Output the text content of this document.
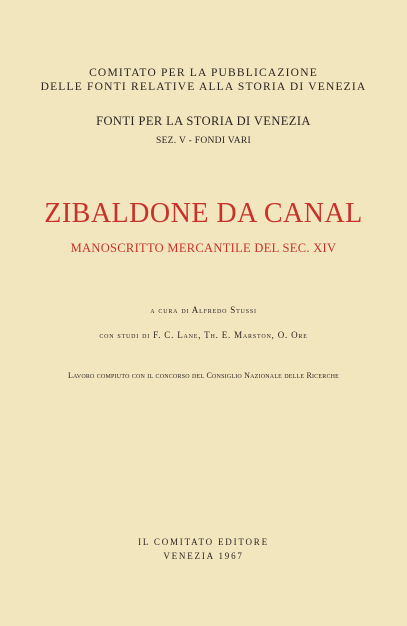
COMITATO PER LA PUBBLICAZIONE
DELLE FONTI RELATIVE ALLA STORIA DI VENEZIA
FONTI PER LA STORIA DI VENEZIA
SEZ. V - FONDI VARI
ZIBALDONE DA CANAL
MANOSCRITTO MERCANTILE DEL SEC. XIV
a cura di Alfredo Stussi
con studi di F. C. Lane, Th. E. Marston, O. Ore
Lavoro compiuto con il concorso del Consiglio Nazionale delle Ricerche
IL COMITATO EDITORE
VENEZIA 1967
